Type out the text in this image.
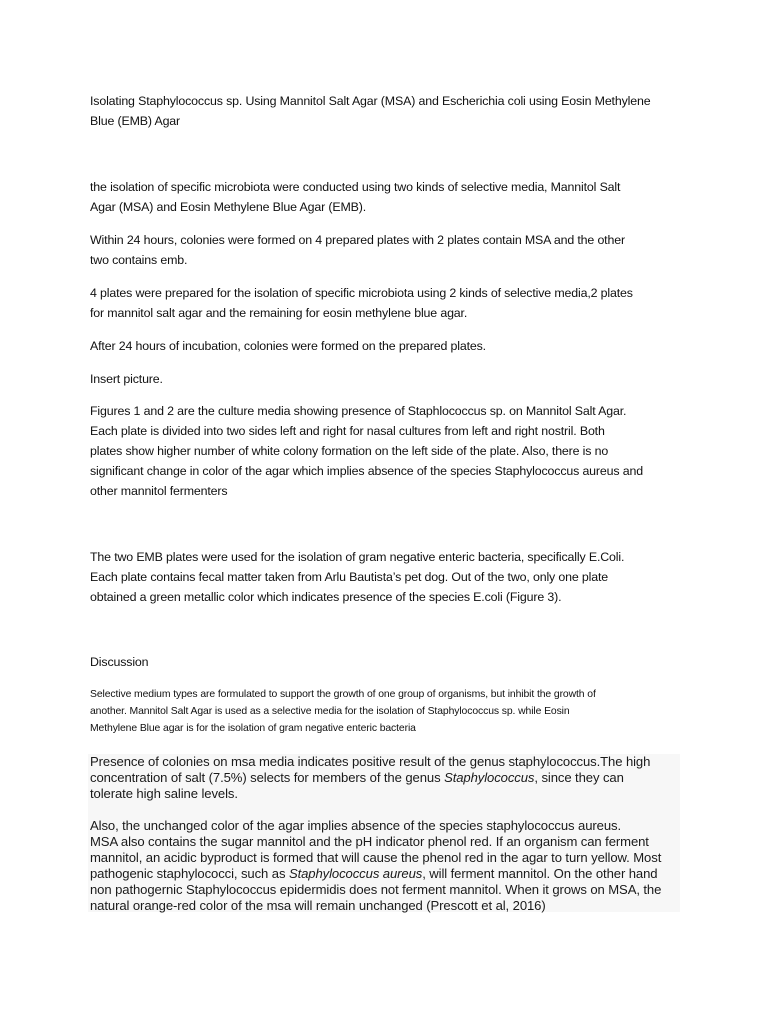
Isolating Staphylococcus sp. Using Mannitol Salt Agar (MSA) and Escherichia coli using Eosin Methylene
Blue (EMB) Agar
the isolation of specific microbiota were conducted using two kinds of selective media, Mannitol Salt
Agar (MSA) and Eosin Methylene Blue Agar (EMB).
Within 24 hours, colonies were formed on 4 prepared plates with 2 plates contain MSA and the other
two contains emb.
4 plates were prepared for the isolation of specific microbiota using 2 kinds of selective media,2 plates
for mannitol salt agar and the remaining for eosin methylene blue agar.
After 24 hours of incubation, colonies were formed on the prepared plates.
Insert picture.
Figures 1 and 2 are the culture media showing presence of Staphlococcus sp. on Mannitol Salt Agar.
Each plate is divided into two sides left and right for nasal cultures from left and right nostril. Both
plates show higher number of white colony formation on the left side of the plate. Also, there is no
significant change in color of the agar which implies absence of the species Staphylococcus aureus and
other mannitol fermenters
The two EMB plates were used for the isolation of gram negative enteric bacteria, specifically E.Coli.
Each plate contains fecal matter taken from Arlu Bautista’s pet dog. Out of the two, only one plate
obtained a green metallic color which indicates presence of the species E.coli (Figure 3).
Discussion
Selective medium types are formulated to support the growth of one group of organisms, but inhibit the growth of
another. Mannitol Salt Agar is used as a selective media for the isolation of Staphylococcus sp. while Eosin
Methylene Blue agar is for the isolation of gram negative enteric bacteria

Presence of colonies on msa media indicates positive result of the genus staphylococcus.The high

concentration of salt (7.5%) selects for members of the genus Staphylococcus, since they can

tolerate high saline levels.

Also, the unchanged color of the agar implies absence of the species staphylococcus aureus.

MSA also contains the sugar mannitol and the pH indicator phenol red. If an organism can ferment

mannitol, an acidic byproduct is formed that will cause the phenol red in the agar to turn yellow. Most

pathogenic staphylococci, such as Staphylococcus aureus, will ferment mannitol. On the other hand

non pathogernic Staphylococcus epidermidis does not ferment mannitol. When it grows on MSA, the

natural orange-red color of the msa will remain unchanged (Prescott et al, 2016)
